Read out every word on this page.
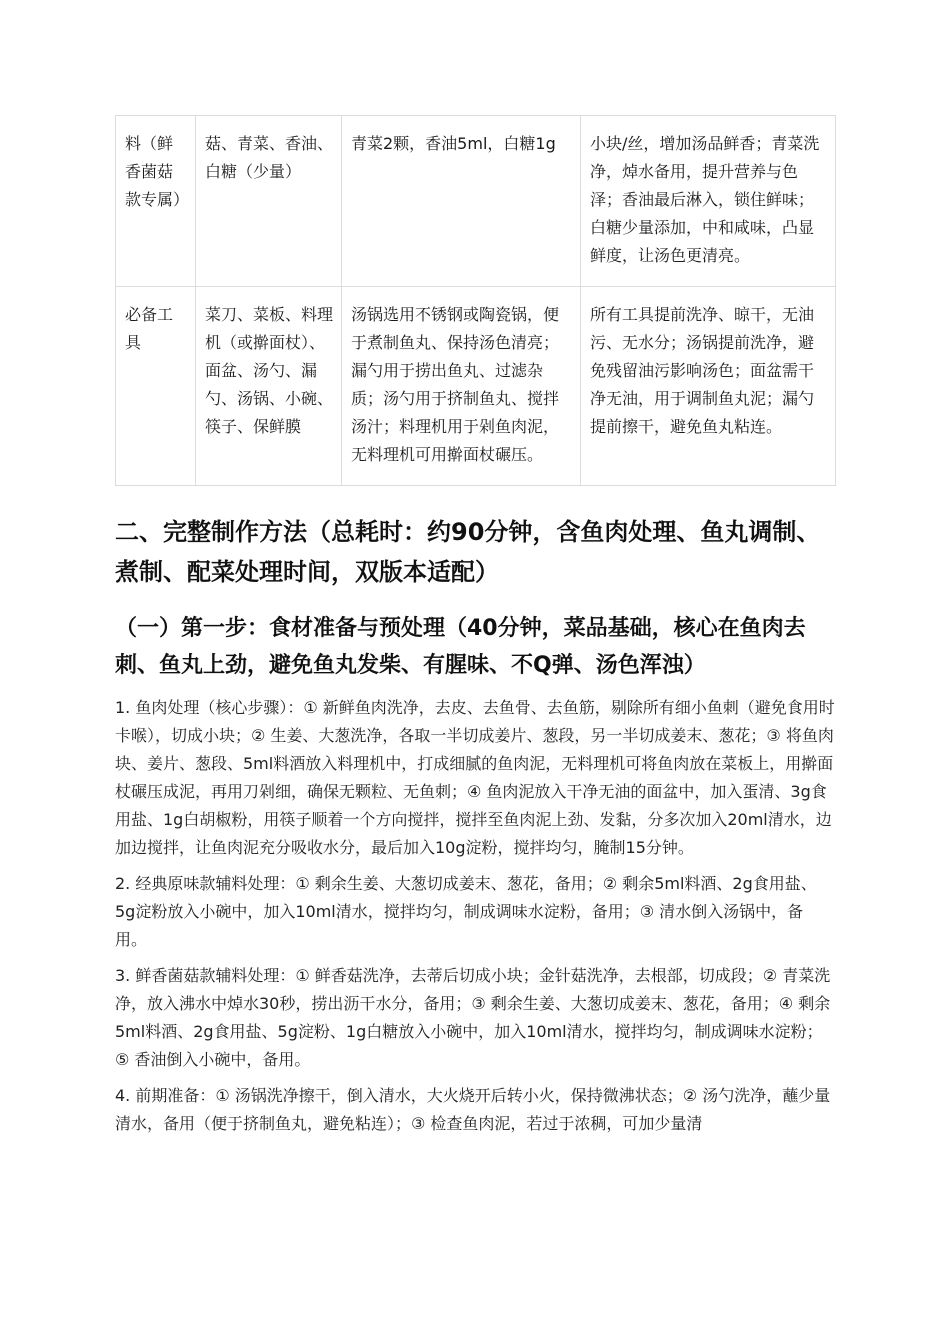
料（鲜香菌菇款专属）	菇、青菜、香油、白糖（少量）	青菜2颗，香油5ml，白糖1g	小块/丝，增加汤品鲜香；青菜洗净，焯水备用，提升营养与色泽；香油最后淋入，锁住鲜味；白糖少量添加，中和咸味，凸显鲜度，让汤色更清亮。
必备工具	菜刀、菜板、料理机（或擀面杖）、面盆、汤勺、漏勺、汤锅、小碗、筷子、保鲜膜	汤锅选用不锈钢或陶瓷锅，便于煮制鱼丸、保持汤色清亮；漏勺用于捞出鱼丸、过滤杂质；汤勺用于挤制鱼丸、搅拌汤汁；料理机用于剁鱼肉泥，无料理机可用擀面杖碾压。	所有工具提前洗净、晾干，无油污、无水分；汤锅提前洗净，避免残留油污影响汤色；面盆需干净无油，用于调制鱼丸泥；漏勺提前擦干，避免鱼丸粘连。
二、完整制作方法（总耗时：约90分钟，含鱼肉处理、鱼丸调制、煮制、配菜处理时间，双版本适配）
（一）第一步：食材准备与预处理（40分钟，菜品基础，核心在鱼肉去刺、鱼丸上劲，避免鱼丸发柴、有腥味、不Q弹、汤色浑浊）

1. 鱼肉处理（核心步骤）：① 新鲜鱼肉洗净，去皮、去鱼骨、去鱼筋，剔除所有细小鱼刺（避免食用时卡喉），切成小块；② 生姜、大葱洗净，各取一半切成姜片、葱段，另一半切成姜末、葱花；③ 将鱼肉块、姜片、葱段、5ml料酒放入料理机中，打成细腻的鱼肉泥，无料理机可将鱼肉放在菜板上，用擀面杖碾压成泥，再用刀剁细，确保无颗粒、无鱼刺；④ 鱼肉泥放入干净无油的面盆中，加入蛋清、3g食用盐、1g白胡椒粉，用筷子顺着一个方向搅拌，搅拌至鱼肉泥上劲、发黏，分多次加入20ml清水，边加边搅拌，让鱼肉泥充分吸收水分，最后加入10g淀粉，搅拌均匀，腌制15分钟。

2. 经典原味款辅料处理：① 剩余生姜、大葱切成姜末、葱花，备用；② 剩余5ml料酒、2g食用盐、5g淀粉放入小碗中，加入10ml清水，搅拌均匀，制成调味水淀粉，备用；③ 清水倒入汤锅中，备用。

3. 鲜香菌菇款辅料处理：① 鲜香菇洗净，去蒂后切成小块；金针菇洗净，去根部，切成段；② 青菜洗净，放入沸水中焯水30秒，捞出沥干水分，备用；③ 剩余生姜、大葱切成姜末、葱花，备用；④ 剩余5ml料酒、2g食用盐、5g淀粉、1g白糖放入小碗中，加入10ml清水，搅拌均匀，制成调味水淀粉；⑤ 香油倒入小碗中，备用。

4. 前期准备：① 汤锅洗净擦干，倒入清水，大火烧开后转小火，保持微沸状态；② 汤勺洗净，蘸少量清水，备用（便于挤制鱼丸，避免粘连）；③ 检查鱼肉泥，若过于浓稠，可加少量清
